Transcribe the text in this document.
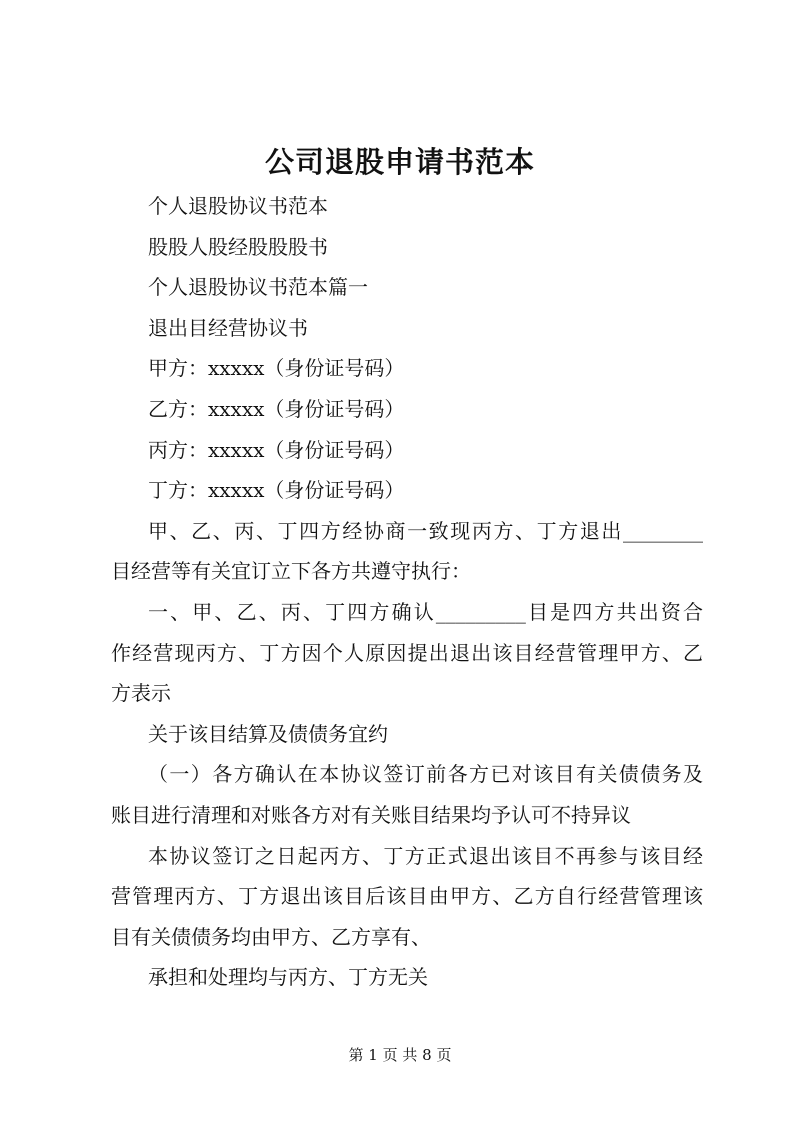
公司退股申请书范本
个人退股协议书范本
股股人股经股股股书
个人退股协议书范本篇一
退出目经营协议书
甲方：xxxxx（身份证号码）
乙方：xxxxx（身份证号码）
丙方：xxxxx（身份证号码）
丁方：xxxxx（身份证号码）
甲、乙、丙、丁四方经协商一致现丙方、丁方退出________
目经营等有关宜订立下各方共遵守执行：
一、甲、乙、丙、丁四方确认_________目是四方共出资合
作经营现丙方、丁方因个人原因提出退出该目经营管理甲方、乙
方表示
关于该目结算及债债务宜约
（一）各方确认在本协议签订前各方已对该目有关债债务及
账目进行清理和对账各方对有关账目结果均予认可不持异议
本协议签订之日起丙方、丁方正式退出该目不再参与该目经
营管理丙方、丁方退出该目后该目由甲方、乙方自行经营管理该
目有关债债务均由甲方、乙方享有、
承担和处理均与丙方、丁方无关
第 1 页 共 8 页
